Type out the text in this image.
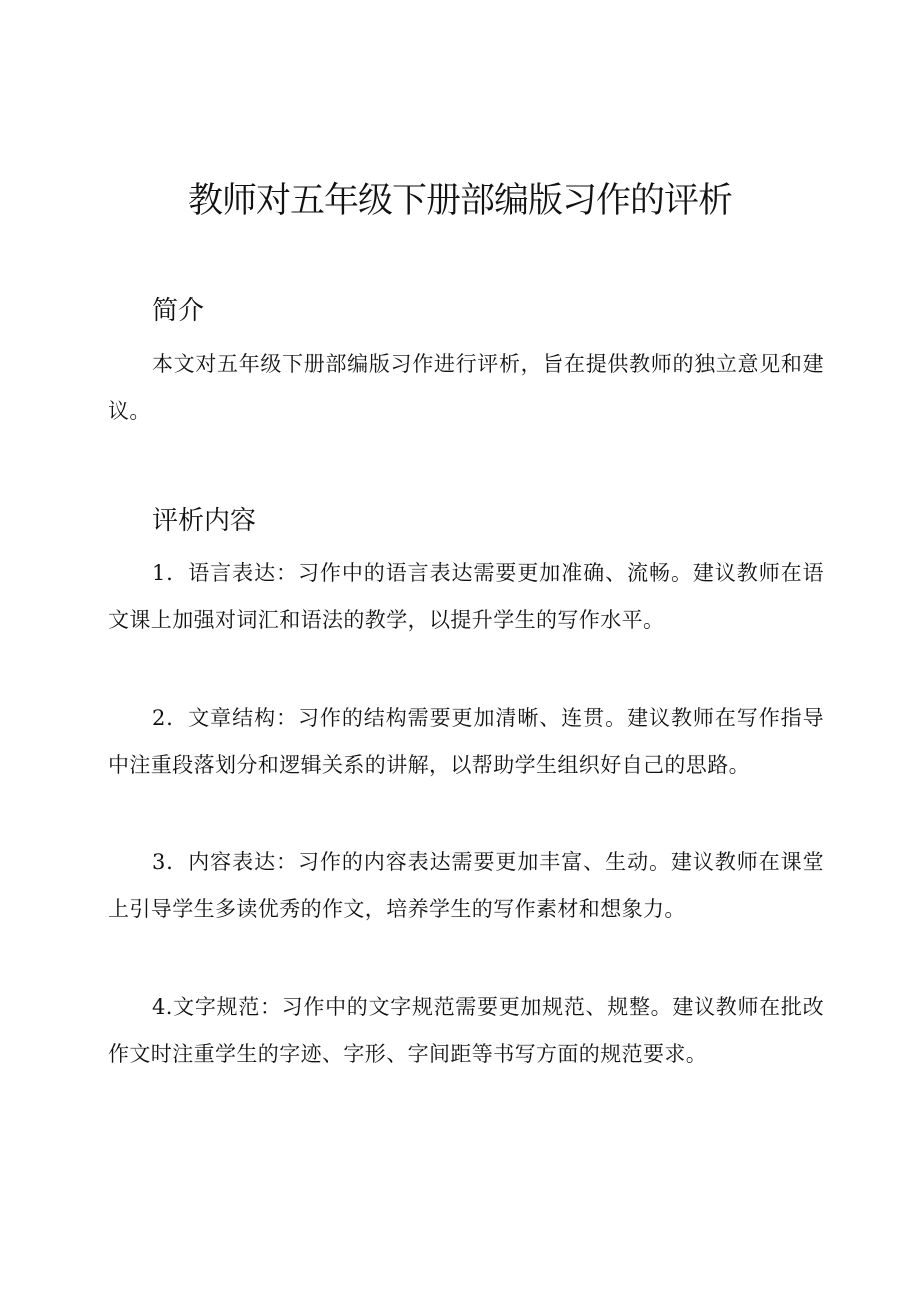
教师对五年级下册部编版习作的评析
简介

本文对五年级下册部编版习作进行评析，旨在提供教师的独立意见和建议。

评析内容

1．语言表达：习作中的语言表达需要更加准确、流畅。建议教师在语文课上加强对词汇和语法的教学，以提升学生的写作水平。

2．文章结构：习作的结构需要更加清晰、连贯。建议教师在写作指导中注重段落划分和逻辑关系的讲解，以帮助学生组织好自己的思路。

3．内容表达：习作的内容表达需要更加丰富、生动。建议教师在课堂上引导学生多读优秀的作文，培养学生的写作素材和想象力。

4.文字规范：习作中的文字规范需要更加规范、规整。建议教师在批改作文时注重学生的字迹、字形、字间距等书写方面的规范要求。
